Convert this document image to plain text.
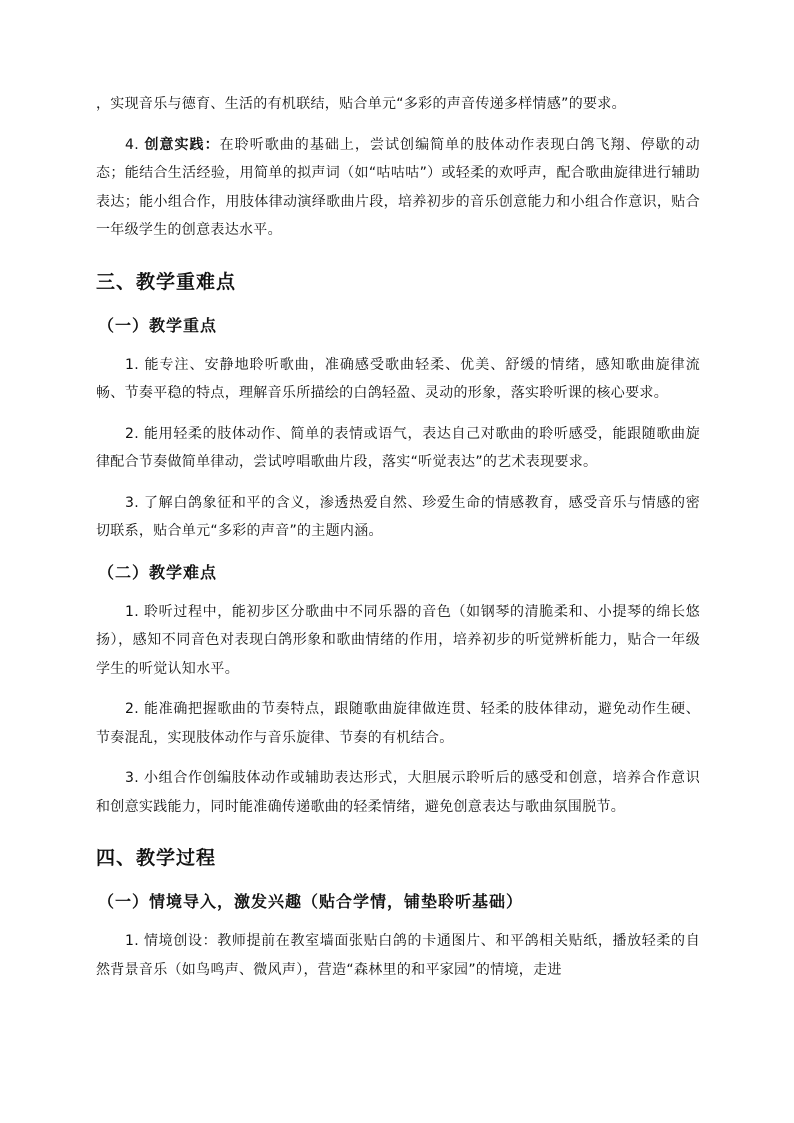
，实现音乐与德育、生活的有机联结，贴合单元“多彩的声音传递多样情感”的要求。

4. 创意实践：在聆听歌曲的基础上，尝试创编简单的肢体动作表现白鸽飞翔、停歇的动态；能结合生活经验，用简单的拟声词（如“咕咕咕”）或轻柔的欢呼声，配合歌曲旋律进行辅助表达；能小组合作，用肢体律动演绎歌曲片段，培养初步的音乐创意能力和小组合作意识，贴合一年级学生的创意表达水平。

三、教学重难点
（一）教学重点

1. 能专注、安静地聆听歌曲，准确感受歌曲轻柔、优美、舒缓的情绪，感知歌曲旋律流畅、节奏平稳的特点，理解音乐所描绘的白鸽轻盈、灵动的形象，落实聆听课的核心要求。

2. 能用轻柔的肢体动作、简单的表情或语气，表达自己对歌曲的聆听感受，能跟随歌曲旋律配合节奏做简单律动，尝试哼唱歌曲片段，落实“听觉表达”的艺术表现要求。

3. 了解白鸽象征和平的含义，渗透热爱自然、珍爱生命的情感教育，感受音乐与情感的密切联系，贴合单元“多彩的声音”的主题内涵。

（二）教学难点

1. 聆听过程中，能初步区分歌曲中不同乐器的音色（如钢琴的清脆柔和、小提琴的绵长悠扬），感知不同音色对表现白鸽形象和歌曲情绪的作用，培养初步的听觉辨析能力，贴合一年级学生的听觉认知水平。

2. 能准确把握歌曲的节奏特点，跟随歌曲旋律做连贯、轻柔的肢体律动，避免动作生硬、节奏混乱，实现肢体动作与音乐旋律、节奏的有机结合。

3. 小组合作创编肢体动作或辅助表达形式，大胆展示聆听后的感受和创意，培养合作意识和创意实践能力，同时能准确传递歌曲的轻柔情绪，避免创意表达与歌曲氛围脱节。

四、教学过程
（一）情境导入，激发兴趣（贴合学情，铺垫聆听基础）

1. 情境创设：教师提前在教室墙面张贴白鸽的卡通图片、和平鸽相关贴纸，播放轻柔的自然背景音乐（如鸟鸣声、微风声），营造“森林里的和平家园”的情境，走进
